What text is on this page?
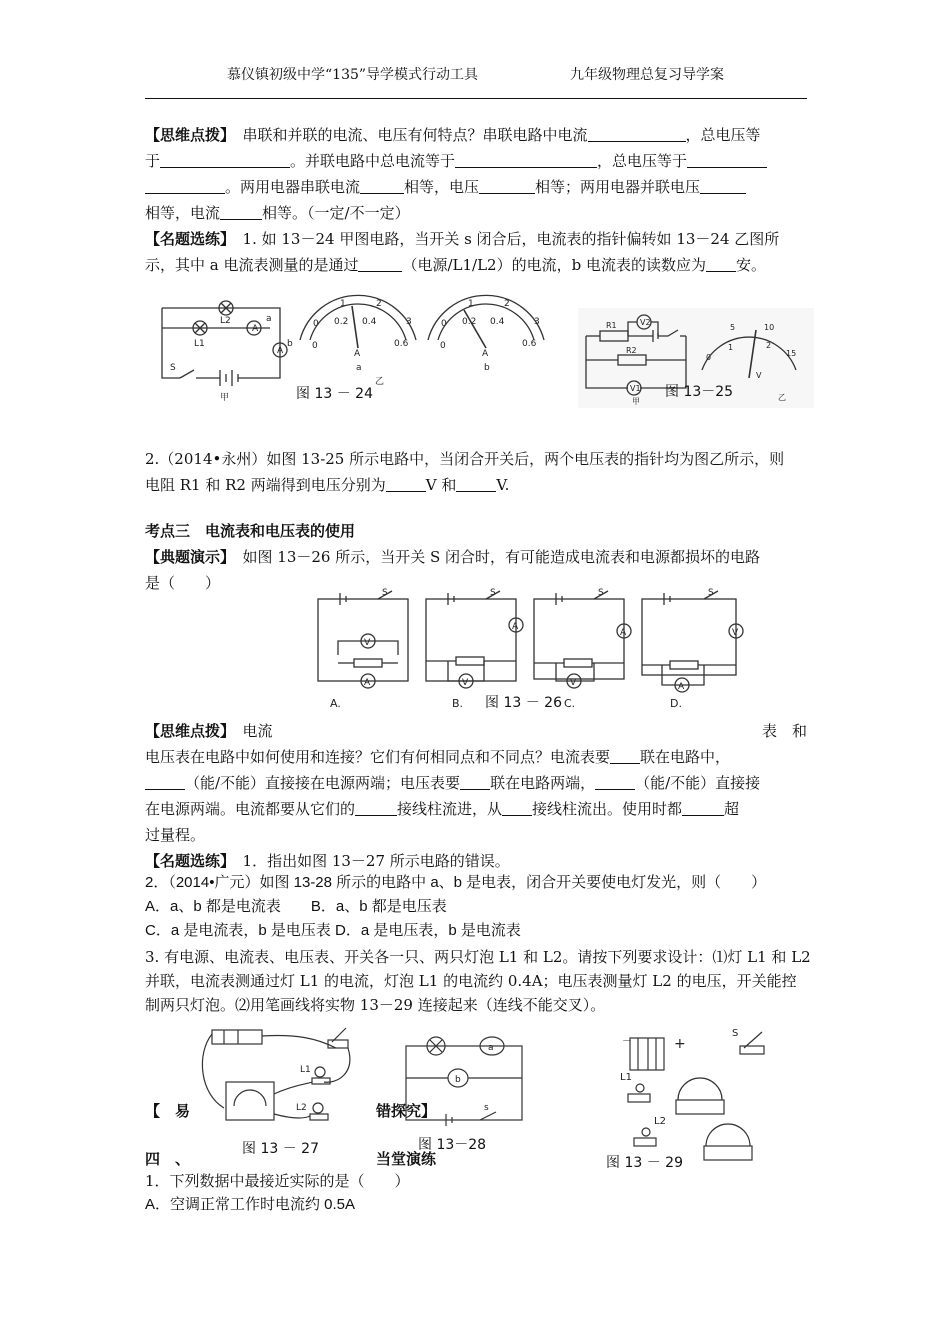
慕仪镇初级中学“135”导学模式行动工具	九年级物理总复习导学案
【思维点拨】　 串联和并联的电流、电压有何特点？串联电路中电流	，总电压等
于	。并联电路中总电流等于	，总电压等于
。两用电器串联电流	相等，电压	相等；两用电器并联电压
相等，电流	相等。（一定/不一定）
【名题选练】　 1. 如 13－24 甲图电路，当开关 s 闭合后，电流表的指针偏转如 13－24 乙图所
示，其中 a 电流表测量的是通过	（电源/L1/L2）的电流，b 电流表的读数应为 安。
A
A
L2
L1
a
b
S
甲
0
1	2
3
0
0.2 0.4
0.6
A
a
0
1	2
3
0
0.2 0.4
0.6
A
b
乙
图 13 － 24
R1
R2
V2
V1
甲
0
5	10
15
1	2
V
乙
图 13－25
2.（2014•永州）如图 13-25 所示电路中，当闭合开关后，两个电压表的指针均为图乙所示，则
电阻 R1 和 R2 两端得到电压分别为	V 和	V.
考点三　电流表和电压表的使用
【典题演示】　 如图 13－26 所示，当开关 S 闭合时，有可能造成电流表和电源都损坏的电路
是（　　）
S	S	S	S
V
A
A
V
A
V
V
A
A.	B.	C.	D.
图 13 － 26
【思维点拨】　 电流	表　和
电压表在电路中如何使用和连接？它们有何相同点和不同点？电流表要 联在电路中，
（能/不能）直接接在电源两端；电压表要 联在电路两端，	（能/不能）直接接
在电源两端。电流都要从它们的	接线柱流进，从 接线柱流出。使用时都	超
过量程。
【名题选练】　 1．指出如图 13－27 所示电路的错误。
2．（2014•广元）如图 13-28 所示的电路中 a、b 是电表，闭合开关要使电灯发光，则（　　）
A．a、b 都是电流表　　B．a、b 都是电压表
C．a 是电流表，b 是电压表 D．a 是电压表，b 是电流表
3. 有电源、电流表、电压表、开关各一只、两只灯泡 L1 和 L2。请按下列要求设计：⑴灯 L1 和 L2
并联，电流表测通过灯 L1 的电流，灯泡 L1 的电流约 0.4A；电压表测量灯 L2 的电压，开关能控
制两只灯泡。⑵用笔画线将实物 13－29 连接起来（连线不能交叉）。
L1
L2
图 13 － 27
a
b
s
图 13－28
－	+
S
L1
L2
图 13 － 29
【　易	错探究】
四　、	当堂演练
1．下列数据中最接近实际的是（　　）
A．空调正常工作时电流约 0.5A
